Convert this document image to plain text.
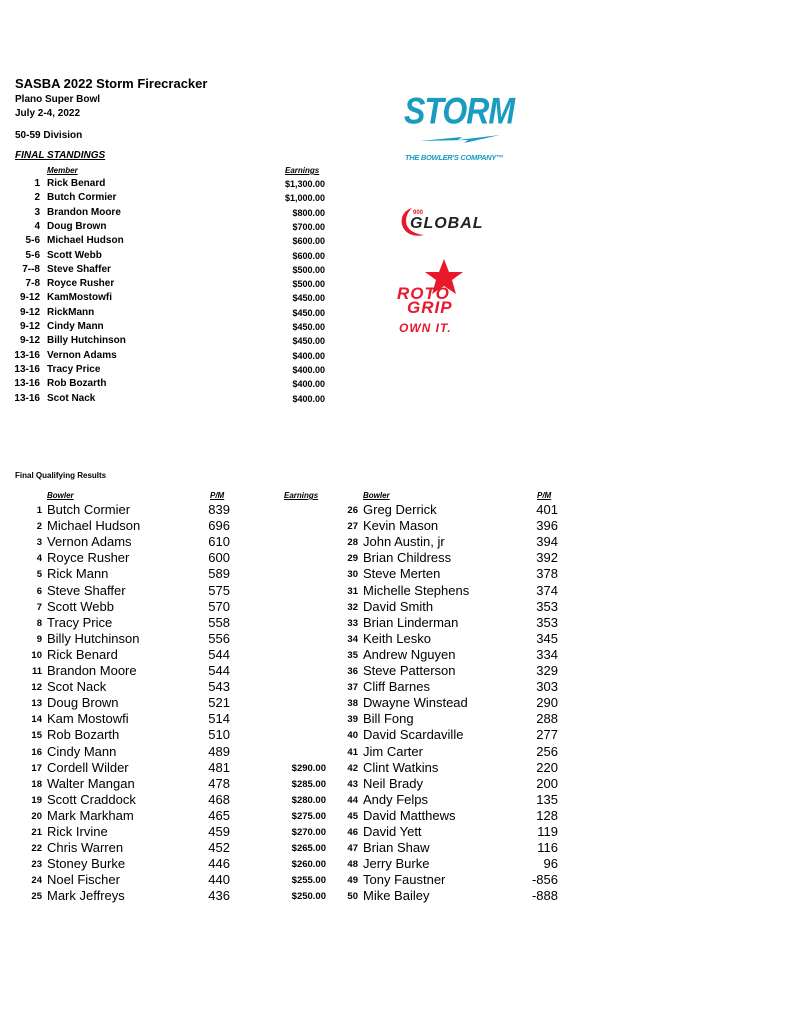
SASBA 2022 Storm Firecracker
Plano Super Bowl
July 2-4, 2022
50-59 Division
FINAL STANDINGS
Member	Earnings
1 Rick Benard	$1,300.00
2 Butch Cormier	$1,000.00
3 Brandon Moore	$800.00
4 Doug Brown	$700.00
5-6 Michael Hudson	$600.00
5-6 Scott Webb	$600.00
7--8 Steve Shaffer	$500.00
7-8 Royce Rusher	$500.00
9-12 KamMostowfi	$450.00
9-12 RickMann	$450.00
9-12 Cindy Mann	$450.00
9-12 Billy Hutchinson	$450.00
13-16 Vernon Adams	$400.00
13-16 Tracy Price	$400.00
13-16 Rob Bozarth	$400.00
13-16 Scot Nack	$400.00
STORM
THE BOWLER'S COMPANY™
900
GLOBAL
ROTO
GRIP
OWN IT.
Final Qualifying Results
Bowler	P/M	Earnings	Bowler	P/M
1 Butch Cormier	839
2 Michael Hudson	696
3 Vernon Adams	610
4 Royce Rusher	600
5 Rick Mann	589
6 Steve Shaffer	575
7 Scott Webb	570
8 Tracy Price	558
9 Billy Hutchinson	556
10 Rick Benard	544
11 Brandon Moore	544
12 Scot Nack	543
13 Doug Brown	521
14 Kam Mostowfi	514
15 Rob Bozarth	510
16 Cindy Mann	489
17 Cordell Wilder	481	$290.00
18 Walter Mangan	478	$285.00
19 Scott Craddock	468	$280.00
20 Mark Markham	465	$275.00
21 Rick Irvine	459	$270.00
22 Chris Warren	452	$265.00
23 Stoney Burke	446	$260.00
24 Noel Fischer	440	$255.00
25 Mark Jeffreys	436	$250.00
26 Greg Derrick	401
27 Kevin Mason	396
28 John Austin, jr	394
29 Brian Childress	392
30 Steve Merten	378
31 Michelle Stephens	374
32 David Smith	353
33 Brian Linderman	353
34 Keith Lesko	345
35 Andrew Nguyen	334
36 Steve Patterson	329
37 Cliff Barnes	303
38 Dwayne Winstead	290
39 Bill Fong	288
40 David Scardaville	277
41 Jim Carter	256
42 Clint Watkins	220
43 Neil Brady	200
44 Andy Felps	135
45 David Matthews	128
46 David Yett	119
47 Brian Shaw	116
48 Jerry Burke	96
49 Tony Faustner	-856
50 Mike Bailey	-888
